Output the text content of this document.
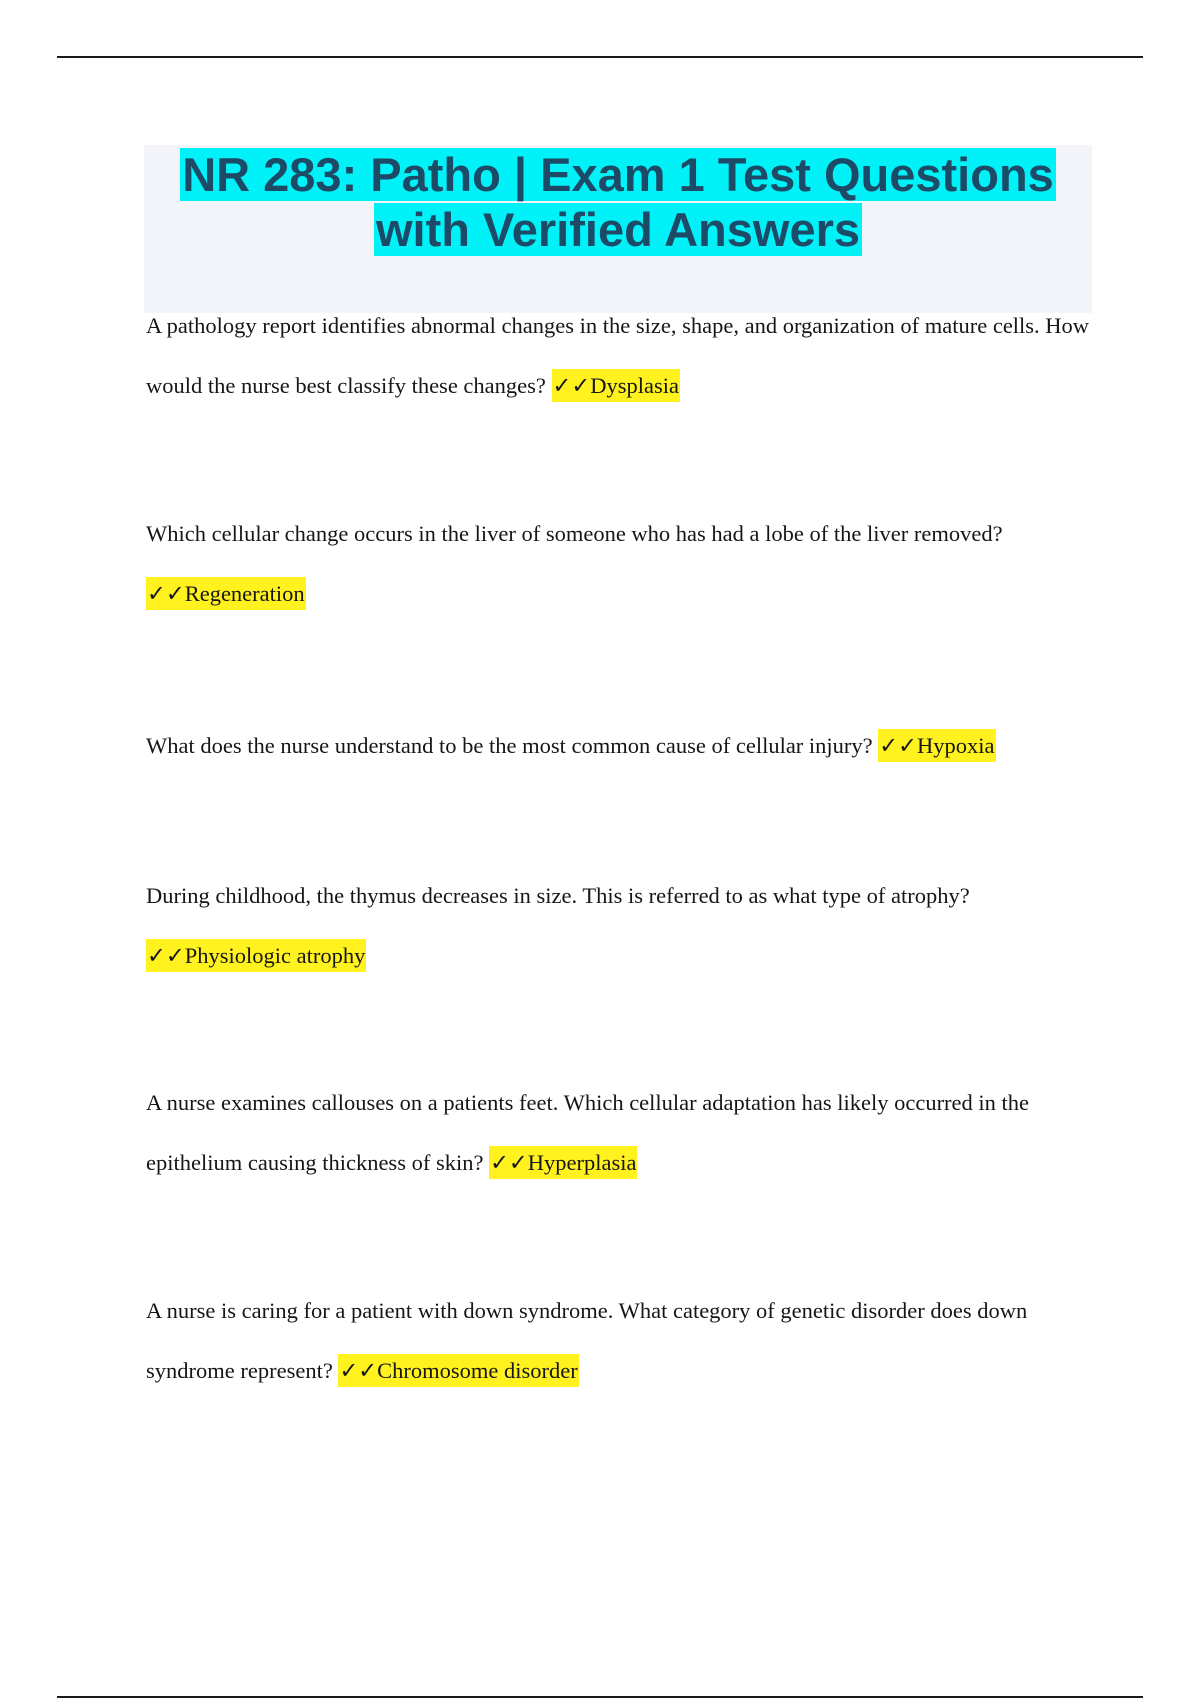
NR 283: Patho | Exam 1 Test Questions
with Verified Answers

A pathology report identifies abnormal changes in the size, shape, and organization of mature cells. How would the nurse best classify these changes? ✓✓Dysplasia

Which cellular change occurs in the liver of someone who has had a lobe of the liver removed? ✓✓Regeneration

What does the nurse understand to be the most common cause of cellular injury? ✓✓Hypoxia

During childhood, the thymus decreases in size. This is referred to as what type of atrophy? ✓✓Physiologic atrophy

A nurse examines callouses on a patients feet. Which cellular adaptation has likely occurred in the epithelium causing thickness of skin? ✓✓Hyperplasia

A nurse is caring for a patient with down syndrome. What category of genetic disorder does down syndrome represent? ✓✓Chromosome disorder
